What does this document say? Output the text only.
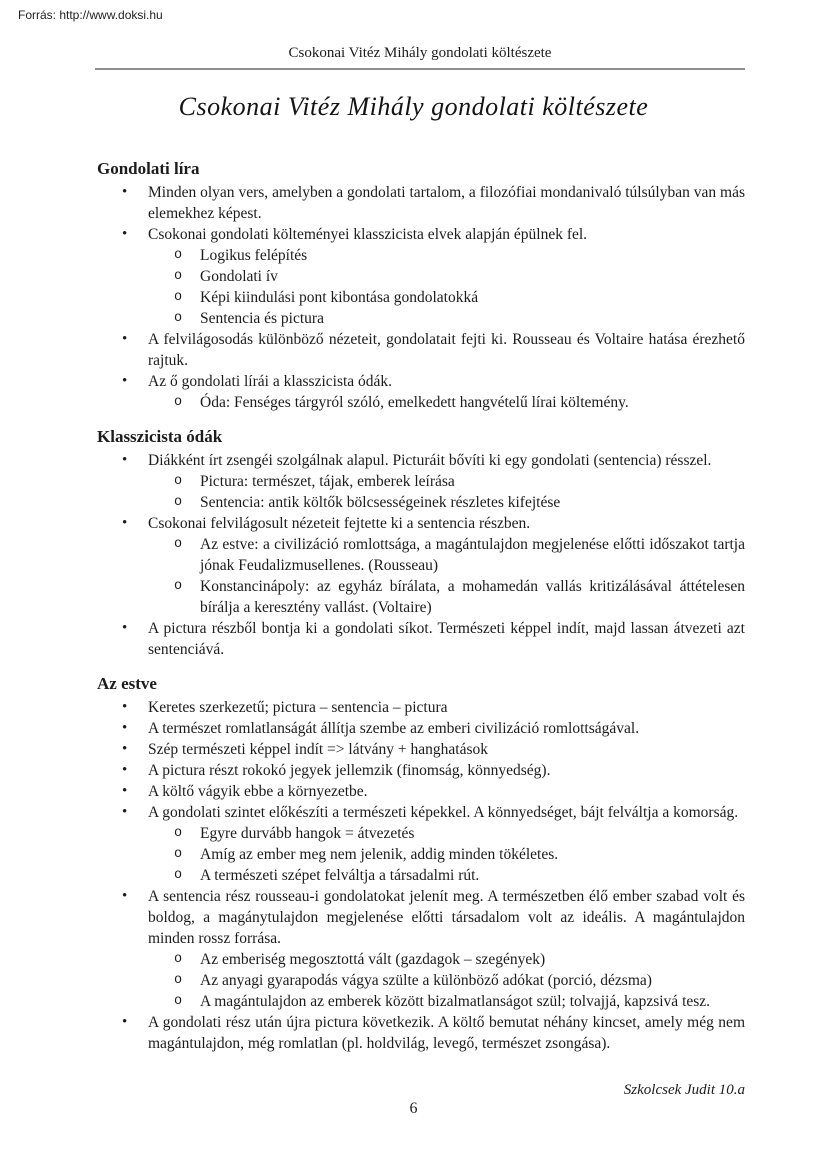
Forrás: http://www.doksi.hu
Csokonai Vitéz Mihály gondolati költészete
Csokonai Vitéz Mihály gondolati költészete
Gondolati líra
• Minden olyan vers, amelyben a gondolati tartalom, a filozófiai mondanivaló túlsúlyban van más elemekhez képest.
• Csokonai gondolati költeményei klasszicista elvek alapján épülnek fel.
o Logikus felépítés
o Gondolati ív
o Képi kiindulási pont kibontása gondolatokká
o Sentencia és pictura
• A felvilágosodás különböző nézeteit, gondolatait fejti ki. Rousseau és Voltaire hatása érezhető rajtuk.
• Az ő gondolati lírái a klasszicista ódák.
o Óda: Fenséges tárgyról szóló, emelkedett hangvételű lírai költemény.
Klasszicista ódák
• Diákként írt zsengéi szolgálnak alapul. Picturáit bővíti ki egy gondolati (sentencia) résszel.
o Pictura: természet, tájak, emberek leírása
o Sentencia: antik költők bölcsességeinek részletes kifejtése
• Csokonai felvilágosult nézeteit fejtette ki a sentencia részben.
o Az estve: a civilizáció romlottsága, a magántulajdon megjelenése előtti időszakot tartja jónak Feudalizmusellenes. (Rousseau)
o Konstancinápoly: az egyház bírálata, a mohamedán vallás kritizálásával áttételesen bírálja a keresztény vallást. (Voltaire)
• A pictura részből bontja ki a gondolati síkot. Természeti képpel indít, majd lassan átvezeti azt sentenciává.
Az estve
• Keretes szerkezetű; pictura – sentencia – pictura
• A természet romlatlanságát állítja szembe az emberi civilizáció romlottságával.
• Szép természeti képpel indít => látvány + hanghatások
• A pictura részt rokokó jegyek jellemzik (finomság, könnyedség).
• A költő vágyik ebbe a környezetbe.
• A gondolati szintet előkészíti a természeti képekkel. A könnyedséget, bájt felváltja a komorság.
o Egyre durvább hangok = átvezetés
o Amíg az ember meg nem jelenik, addig minden tökéletes.
o A természeti szépet felváltja a társadalmi rút.
• A sentencia rész rousseau-i gondolatokat jelenít meg. A természetben élő ember szabad volt és boldog, a magánytulajdon megjelenése előtti társadalom volt az ideális. A magántulajdon minden rossz forrása.
o Az emberiség megosztottá vált (gazdagok – szegények)
o Az anyagi gyarapodás vágya szülte a különböző adókat (porció, dézsma)
o A magántulajdon az emberek között bizalmatlanságot szül; tolvajjá, kapzsivá tesz.
• A gondolati rész után újra pictura következik. A költő bemutat néhány kincset, amely még nem magántulajdon, még romlatlan (pl. holdvilág, levegő, természet zsongása).
Szkolcsek Judit 10.a
6
